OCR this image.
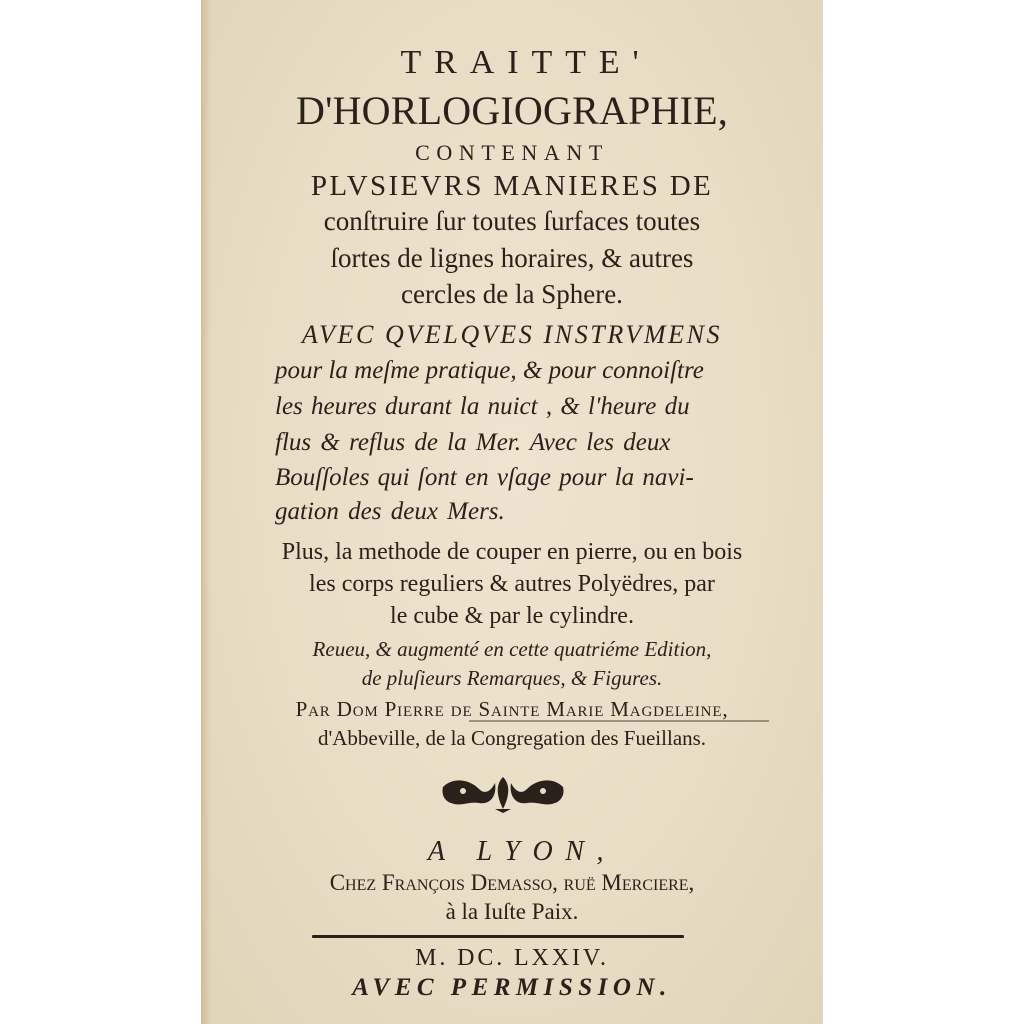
TRAITTE'
D'HORLOGIOGRAPHIE,
CONTENANT
PLVSIEVRS MANIERES DE
conſtruire ſur toutes ſurfaces toutes
ſortes de lignes horaires, & autres
cercles de la Sphere.
AVEC QVELQVES INSTRVMENS
pour la meſme pratique, & pour connoiſtre
les heures durant la nuict , & l'heure du
flus & reflus de la Mer. Avec les deux
Bouſſoles qui ſont en vſage pour la navi-
gation des deux Mers.
Plus, la methode de couper en pierre, ou en bois
les corps reguliers & autres Polyëdres, par
le cube & par le cylindre.
Reueu, & augmenté en cette quatriéme Edition,
de pluſieurs Remarques, & Figures.
Par Dom Pierre de Sainte Marie Magdeleine,
d'Abbeville, de la Congregation des Fueillans.
A LYON,
Chez François Demasso, ruë Merciere,
à la Iuſte Paix.
M. DC. LXXIV.
AVEC PERMISSION.
